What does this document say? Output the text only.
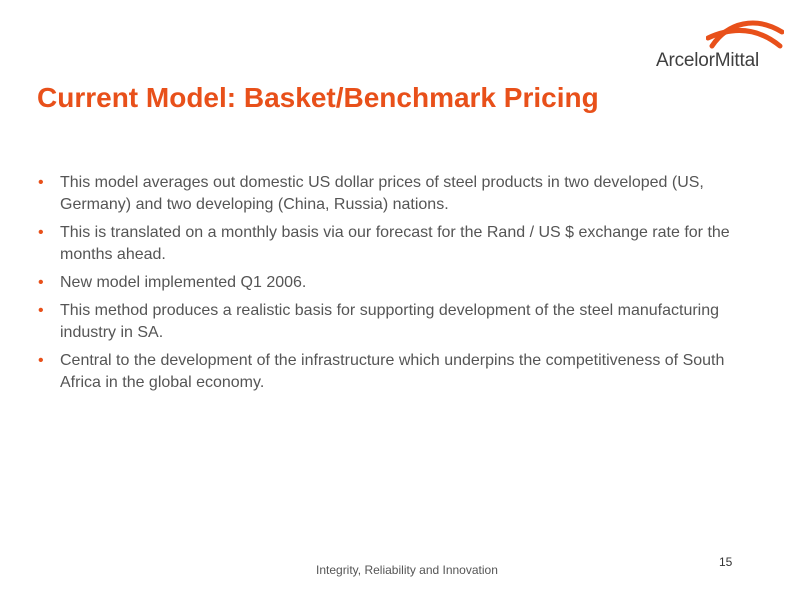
ArcelorMittal
Current Model: Basket/Benchmark Pricing
• This model averages out domestic US dollar prices of steel products in two developed (US, Germany) and two developing (China, Russia) nations.
• This is translated on a monthly basis via our forecast for the Rand / US $ exchange rate for the months ahead.
• New model implemented Q1 2006.
• This method produces a realistic basis for supporting development of the steel manufacturing industry in SA.
• Central to the development of the infrastructure which underpins the competitiveness of South Africa in the global economy.
Integrity, Reliability and Innovation
15
